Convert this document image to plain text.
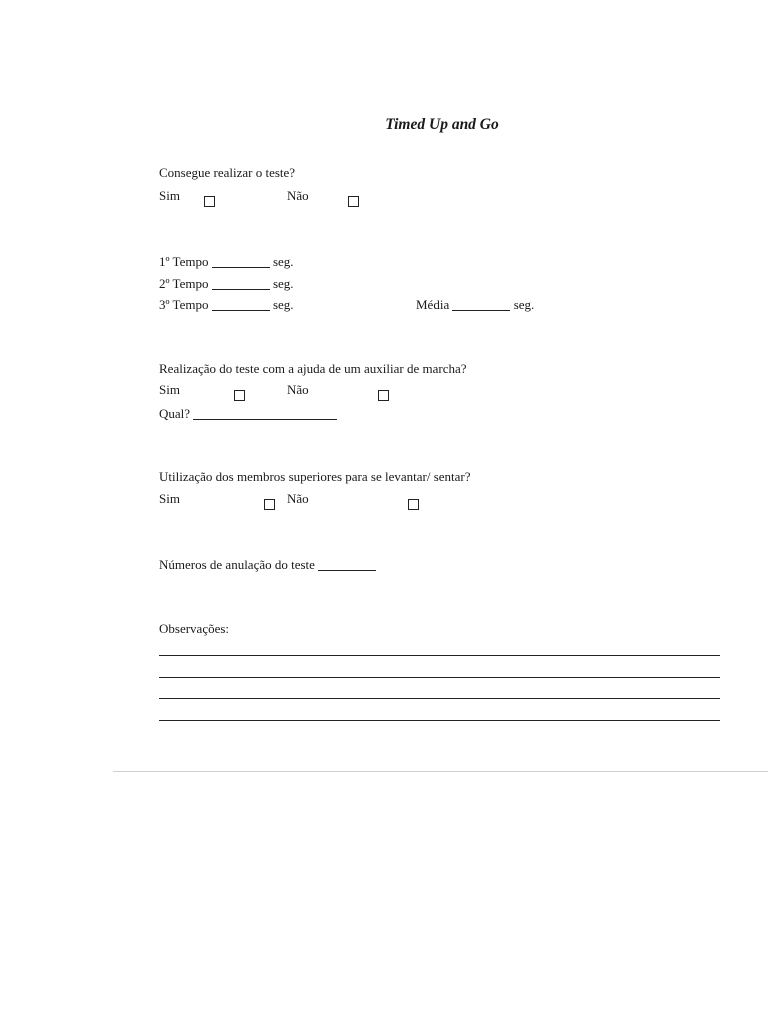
Timed Up and Go
Consegue realizar o teste?
Sim
	Não

1º Tempo	seg.
2º Tempo	seg.
3º Tempo	seg.	Média	seg.
Realização do teste com a ajuda de um auxiliar de marcha?
Sim
	Não

Qual?
Utilização dos membros superiores para se levantar/ sentar?
Sim
	Não
Números de anulação do teste
Observações:
